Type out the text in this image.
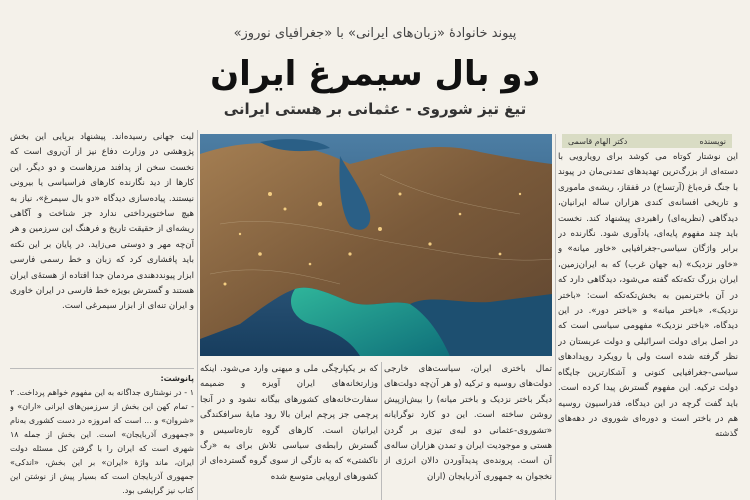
پیوند خانوادهٔ «زبان‌های ایرانی» با «جغرافیای نوروز»
دو بال سیمرغ ایران
تیغ تیز شوروی - عثمانی بر هستی ایرانی
نویسنده
دکتر الهام قاسمی

این نوشتار کوتاه می کوشد برای رویارویی با دسته‌ای از بزرگ‌ترین تهدیدهای تمدنی‌مان در پیوند با جنگ قره‌باغ (آرتساخ) در قفقاز، ریشه‌ی ماموری و تاریخی افسانه‌ی کندی هزاران ساله ایرانیان، دیدگاهی (نظریه‌ای) راهبردی پیشنهاد کند. نخست باید چند مفهوم پایه‌ای، یادآوری شود. نگارنده در برابر واژگان سیاسی-جغرافیایی «خاور میانه» و «خاور نزدیک» (به جهان غرب) که به ایران‌زمین، ایران بزرگ تکه‌تکه گفته می‌شود، دیدگاهی دارد که در آن باختر‌نمین به بخش‌تکه‌تکه است: «باختر نزدیک»، «باختر میانه» و «باختر دور». در این دیدگاه، «باختر نزدیک» مفهومی سیاسی است که در اصل برای دولت اسرائیلی و دولت عربستان در نظر گرفته شده است ولی با رویکرد رویدادهای سیاسی-جغرافیایی کنونی و آشکارترین جایگاه دولت ترکیه. این مفهوم گسترش پیدا کرده است. باید گفت گرچه در این دیدگاه، فدراسیون روسیه هم در باختر است و دوره‌ای شوروی در دهه‌های گذشته

لیت جهانی رسیده‌اند. پیشنهاد برپایی این بخش پژوهشی در وزارت دفاع نیز از آن‌روی است که نخست سخن از پدافند مرزهاست و دو دیگر، این کارها از دید نگارنده کارهای فراسیاسی یا بیرونی نیستند. پیاده‌سازی دیدگاه «دو بال سیمرغ»، نیاز به هیچ ساختوپرداختی ندارد جز شناخت و آگاهی ریشه‌ای از حقیقت تاریخ و فرهنگ این سرزمین و هر آن‌چه مهر و دوستی می‌زاید. در پایان بر این نکته باید پافشاری کرد که زبان و خط رسمی فارسی ابزار پیونددهندی مردمان جدا افتاده از هستهٔ‌ی ایران هستند و گسترش بویژه خط فارسی در ایران خاوری و ایران تنه‌ای از ابزار سیمرغی است.

پانوشت:

۱ - در نوشتاری جداگانه به این مفهوم خواهم پرداخت. ۲ - تمام کهن این بخش از سرزمین‌های ایرانی «اران» و «شروان» و ... است که امروزه در دست کشوری به‌نام «جمهوری آذربایجان» است. این بخش از جمله ۱۸ شهری است که ایران را با گرفتن کل مسئله دولت ایران، ماند واژهٔ «ایران» بر این بخش، «اندکی» جمهوری آذربایجان است که بسیار پیش از نوشتن این کتاب نیز گرایشی بود.

تمال باختری ایران، سیاست‌های خارجی دولت‌های روسیه و ترکیه (و هر آن‌چه دولت‌های دیگر باختر نزدیک و باختر میانه) را بیش‌ازپیش روشن ساخته است. این دو کارد نوگرایانه «تشوروی-عثمانی دو لبه‌ی تیزی بر گردن هستی و موجودیت ایران و تمدن هزاران ساله‌ی آن است. پرونده‌ی پدیدآوردن دالان انرژی از نخجوان به جمهوری آذربایجان (اران

که بر یکپارچگی ملی و میهنی وارد می‌شود. اینکه وزارتخانه‌های ایران آویزه و ضمیمه سفارت‌خانه‌های کشورهای بیگانه نشود و در آنجا پرچمی جز پرچم ایران بالا رود مایهٔ سرافکندگی ایرانیان است. کارهای گروه تازه‌تاسیس و گسترش رابطه‌ی سیاسی تلاش برای به «رگ ناکشتی» که به تازگی از سوی گروه گسترده‌ای از کشورهای اروپایی متوسع شده
